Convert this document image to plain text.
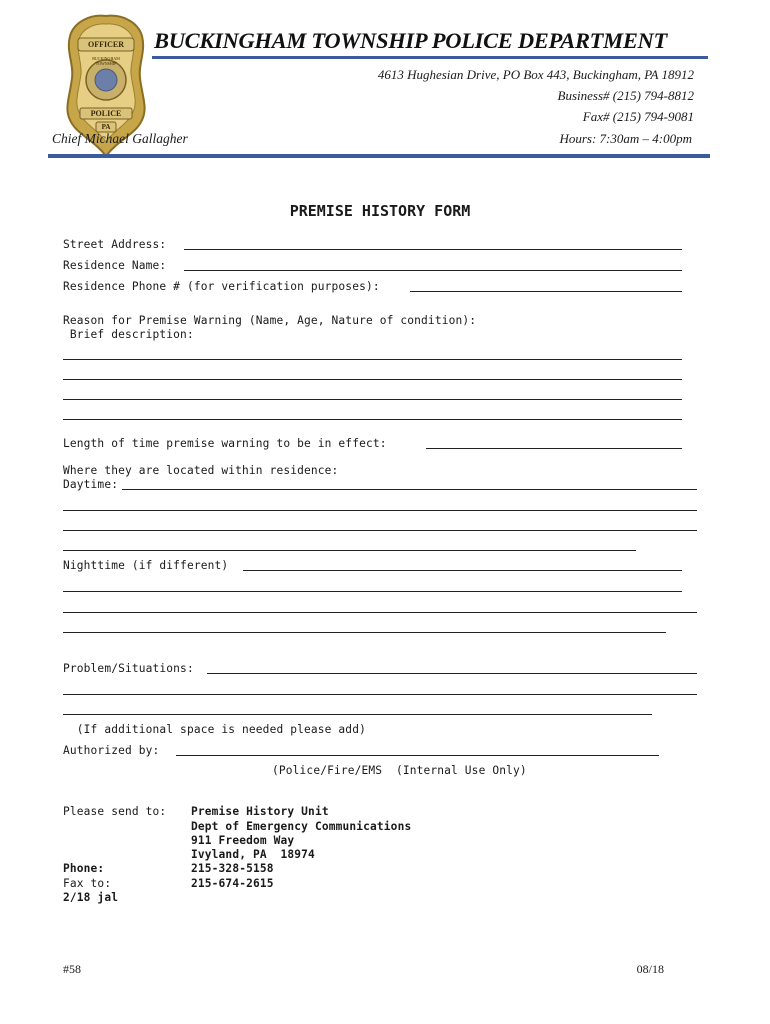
OFFICER
BUCKINGHAM TOWNSHIP
POLICE
PA
BUCKINGHAM TOWNSHIP POLICE DEPARTMENT
4613 Hughesian Drive, PO Box 443, Buckingham, PA 18912
Business# (215) 794-8812
Fax# (215) 794-9081
Chief Michael Gallagher	Hours: 7:30am – 4:00pm
PREMISE HISTORY FORM
Street Address:
Residence Name:
Residence Phone # (for verification purposes):
Reason for Premise Warning (Name, Age, Nature of condition):
Brief description:
Length of time premise warning to be in effect:
Where they are located within residence:
Daytime:
Nighttime (if different)
Problem/Situations:
(If additional space is needed please add)
Authorized by:
(Police/Fire/EMS  (Internal Use Only)
Please send to: Premise History Unit
Dept of Emergency Communications
911 Freedom Way
Ivyland, PA  18974
Phone:	215-328-5158
Fax to:	215-674-2615
2/18 jal
#58	08/18
